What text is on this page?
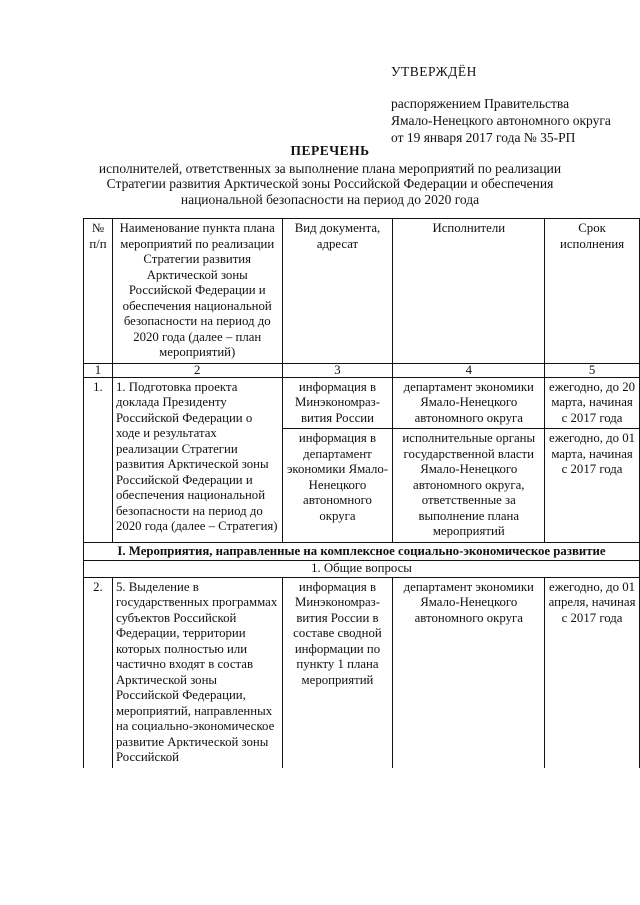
УТВЕРЖДЁН
распоряжением Правительства
Ямало-Ненецкого автономного округа
от 19 января 2017 года № 35-РП
ПЕРЕЧЕНЬ
исполнителей, ответственных за выполнение плана мероприятий по реализации
Стратегии развития Арктической зоны Российской Федерации и обеспечения
национальной безопасности на период до 2020 года
№ п/п	Наименование пункта плана мероприятий по реализации Стратегии развития Арктической зоны Российской Федерации и обеспечения национальной безопасности на период до 2020 года (далее – план мероприятий)	Вид документа, адресат	Исполнители	Срок исполнения
1	2	3	4	5
1.	1. Подготовка проекта доклада Президенту Российской Федерации о ходе и результатах реализации Стратегии развития Арктической зоны Российской Федерации и обеспечения национальной безопасности на период до 2020 года (далее – Стратегия)	информация в Минэкономраз-вития России	департамент экономики Ямало-Ненецкого автономного округа	ежегодно, до 20 марта, начиная с 2017 года
		информация в департамент экономики Ямало-Ненецкого автономного округа	исполнительные органы государственной власти Ямало-Ненецкого автономного округа, ответственные за выполнение плана мероприятий	ежегодно, до 01 марта, начиная с 2017 года
I. Мероприятия, направленные на комплексное социально-экономическое развитие				
1. Общие вопросы				
2.	5. Выделение в государственных программах субъектов Российской Федерации, территории которых полностью или частично входят в состав Арктической зоны Российской Федерации, мероприятий, направленных на социально-экономическое развитие Арктической зоны Российской	информация в Минэкономраз-вития России в составе сводной информации по пункту 1 плана мероприятий	департамент экономики Ямало-Ненецкого автономного округа	ежегодно, до 01 апреля, начиная с 2017 года
